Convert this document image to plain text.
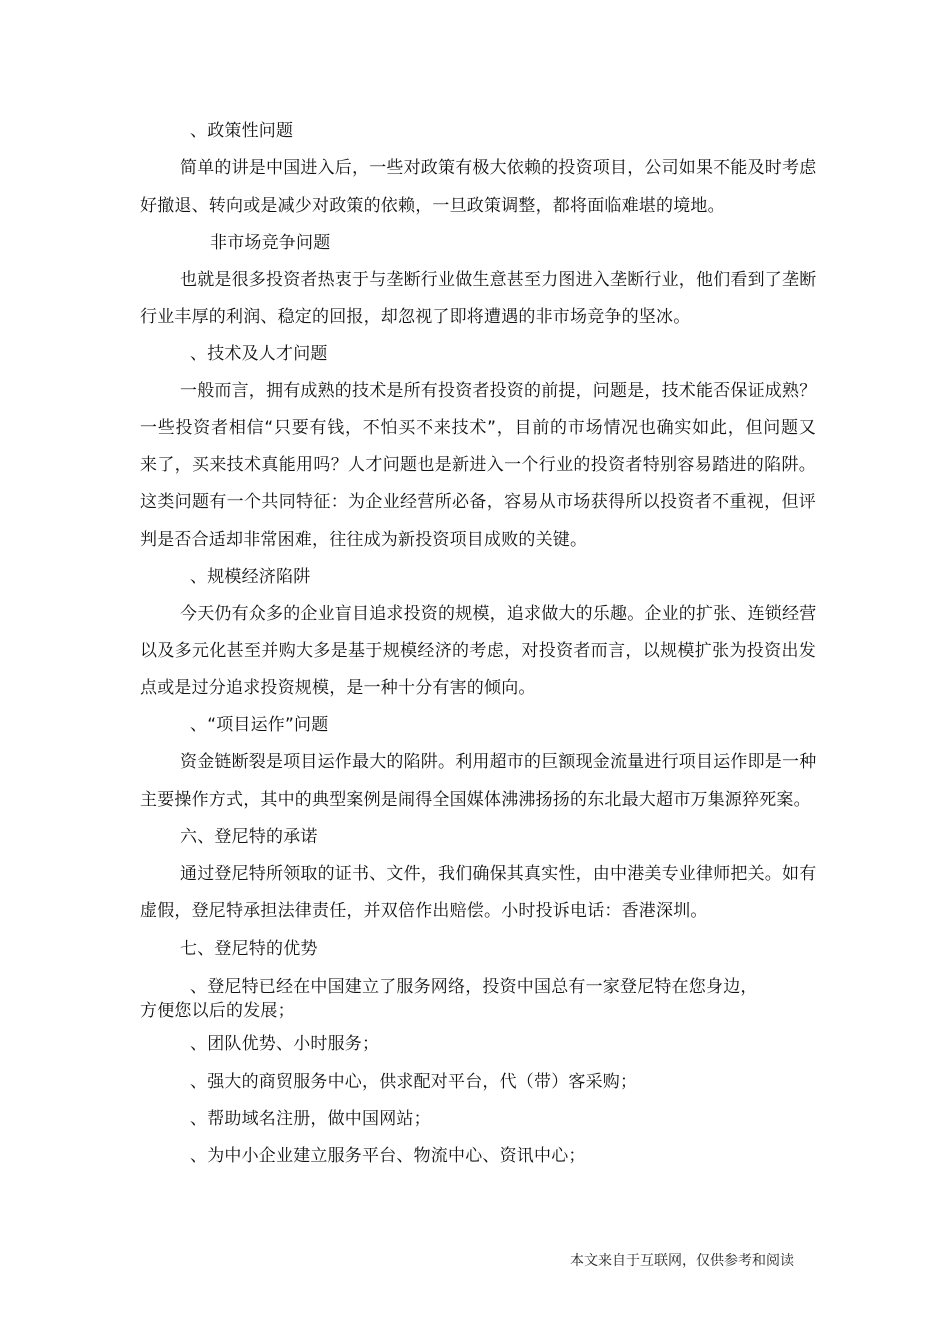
、政策性问题
简单的讲是中国进入后，一些对政策有极大依赖的投资项目，公司如果不能及时考虑
好撤退、转向或是减少对政策的依赖，一旦政策调整，都将面临难堪的境地。
非市场竞争问题
也就是很多投资者热衷于与垄断行业做生意甚至力图进入垄断行业，他们看到了垄断
行业丰厚的利润、稳定的回报，却忽视了即将遭遇的非市场竞争的坚冰。
、技术及人才问题
一般而言，拥有成熟的技术是所有投资者投资的前提，问题是，技术能否保证成熟？
一些投资者相信“只要有钱，不怕买不来技术”，目前的市场情况也确实如此，但问题又
来了，买来技术真能用吗？人才问题也是新进入一个行业的投资者特别容易踏进的陷阱。
这类问题有一个共同特征：为企业经营所必备，容易从市场获得所以投资者不重视，但评
判是否合适却非常困难，往往成为新投资项目成败的关键。
、规模经济陷阱
今天仍有众多的企业盲目追求投资的规模，追求做大的乐趣。企业的扩张、连锁经营
以及多元化甚至并购大多是基于规模经济的考虑，对投资者而言，以规模扩张为投资出发
点或是过分追求投资规模，是一种十分有害的倾向。
、“项目运作”问题
资金链断裂是项目运作最大的陷阱。利用超市的巨额现金流量进行项目运作即是一种
主要操作方式，其中的典型案例是闹得全国媒体沸沸扬扬的东北最大超市万集源猝死案。
六、登尼特的承诺
通过登尼特所领取的证书、文件，我们确保其真实性，由中港美专业律师把关。如有
虚假，登尼特承担法律责任，并双倍作出赔偿。小时投诉电话：香港深圳。
七、登尼特的优势
、登尼特已经在中国建立了服务网络，投资中国总有一家登尼特在您身边，
方便您以后的发展；
、团队优势、小时服务；
、强大的商贸服务中心，供求配对平台，代（带）客采购；
、帮助域名注册，做中国网站；
、为中小企业建立服务平台、物流中心、资讯中心；
本文来自于互联网，仅供参考和阅读
